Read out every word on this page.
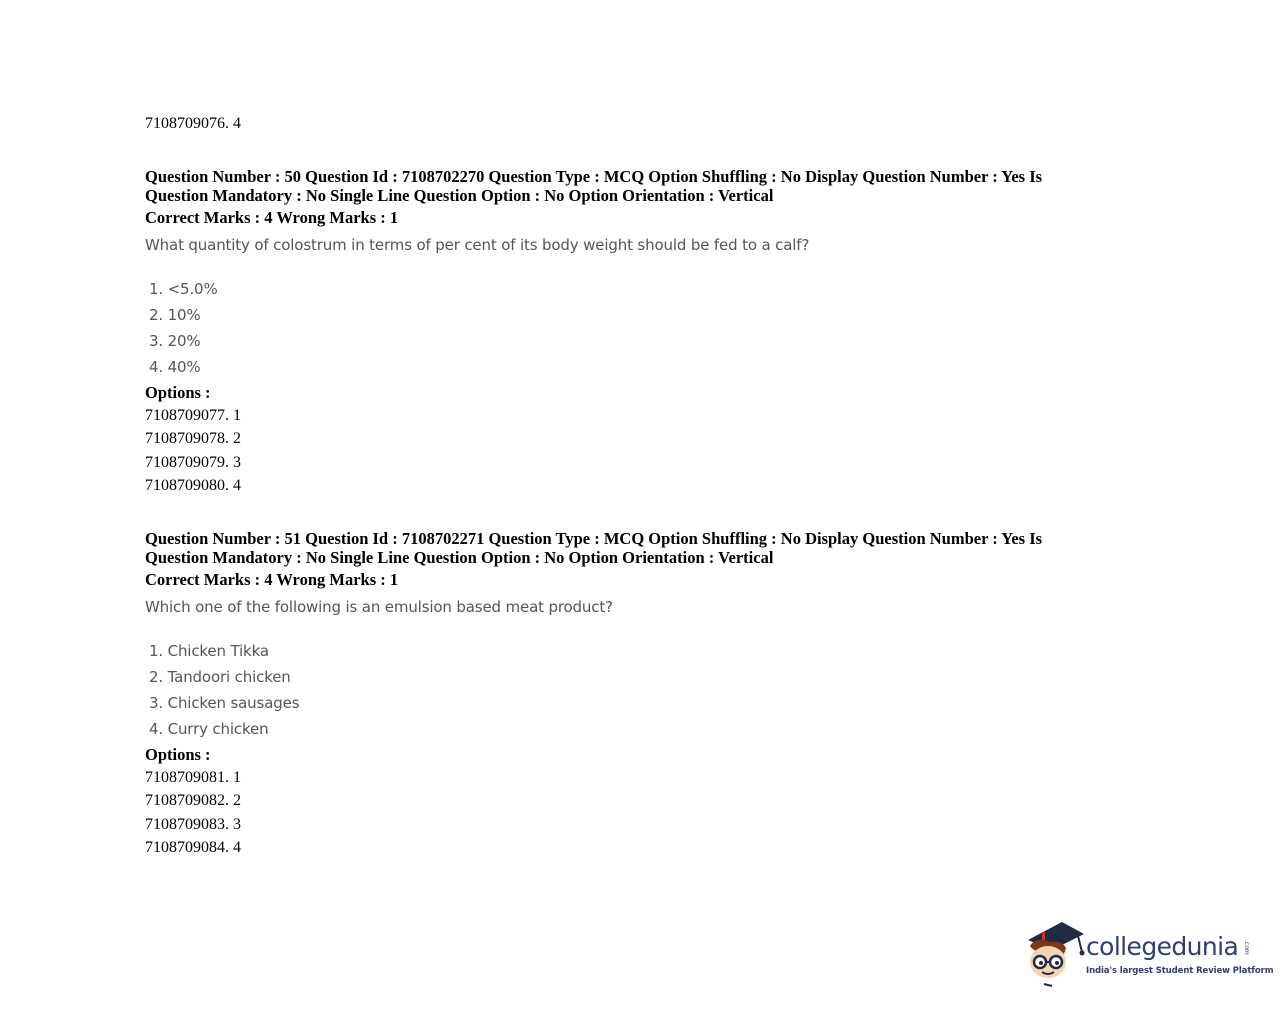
7108709076. 4

Question Number : 50 Question Id : 7108702270 Question Type : MCQ Option Shuffling : No Display Question Number : Yes Is
Question Mandatory : No Single Line Question Option : No Option Orientation : Vertical

Correct Marks : 4 Wrong Marks : 1

What quantity of colostrum in terms of per cent of its body weight should be fed to a calf?

1. <5.0%
2. 10%
3. 20%
4. 40%

Options :

7108709077. 1
7108709078. 2
7108709079. 3
7108709080. 4

Question Number : 51 Question Id : 7108702271 Question Type : MCQ Option Shuffling : No Display Question Number : Yes Is
Question Mandatory : No Single Line Question Option : No Option Orientation : Vertical

Correct Marks : 4 Wrong Marks : 1

Which one of the following is an emulsion based meat product?

1. Chicken Tikka
2. Tandoori chicken
3. Chicken sausages
4. Curry chicken

Options :

7108709081. 1
7108709082. 2
7108709083. 3
7108709084. 4
collegedunia .com
India's largest Student Review Platform
